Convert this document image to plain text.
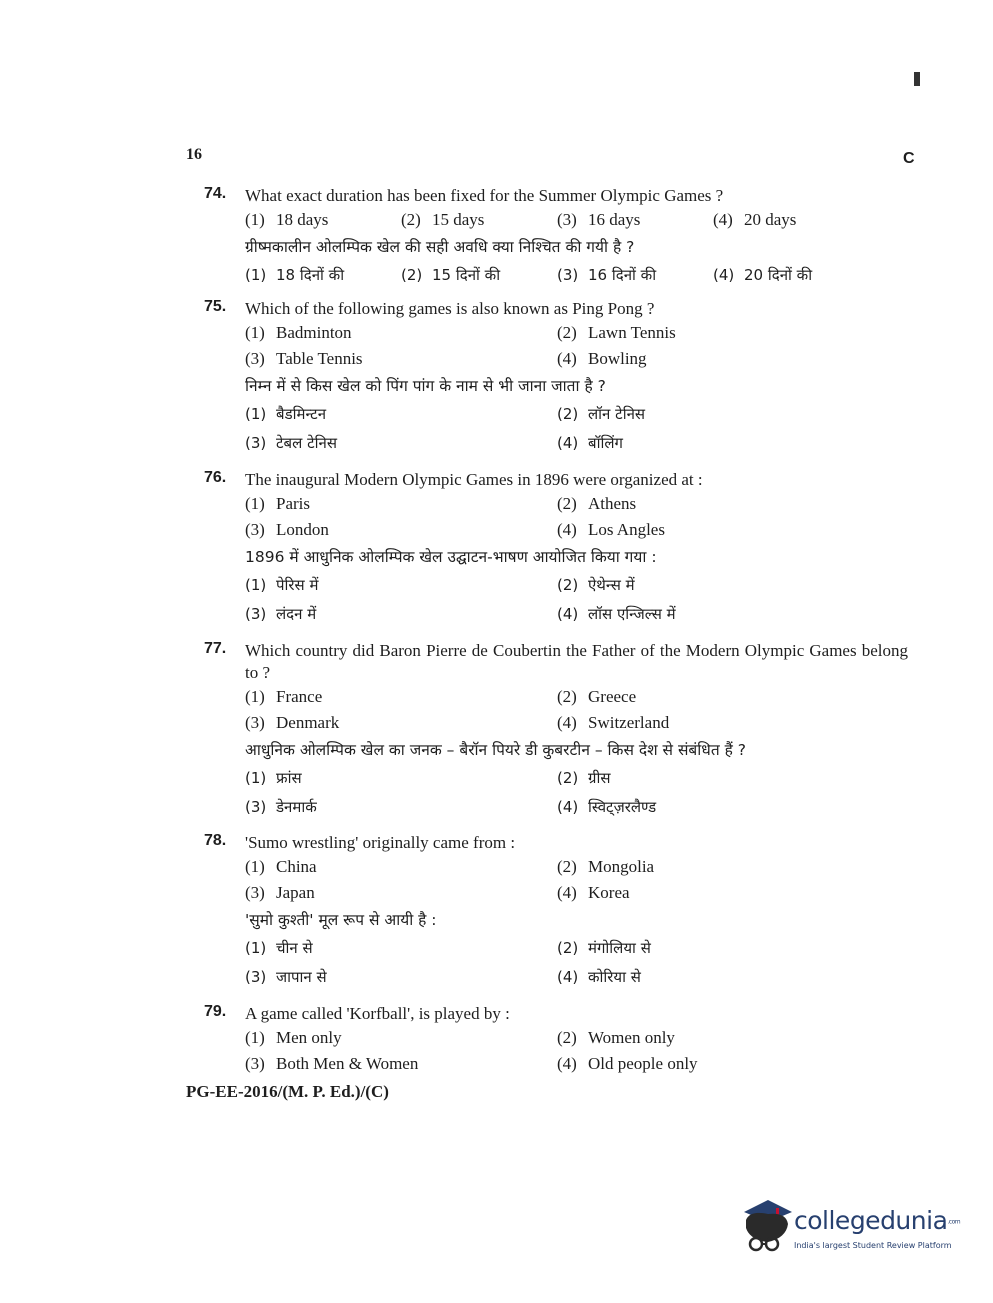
16	C
74. What exact duration has been fixed for the Summer Olympic Games ?
(1) 18 days	(2) 15 days	(3) 16 days	(4) 20 days
ग्रीष्मकालीन ओलम्पिक खेल की सही अवधि क्या निश्चित की गयी है ?
(1) 18 दिनों की	(2) 15 दिनों की	(3) 16 दिनों की	(4) 20 दिनों की
75. Which of the following games is also known as Ping Pong ?
(1) Badminton	(2) Lawn Tennis
(3) Table Tennis	(4) Bowling
निम्न में से किस खेल को पिंग पांग के नाम से भी जाना जाता है ?
(1) बैडमिन्टन	(2) लॉन टेनिस
(3) टेबल टेनिस	(4) बॉलिंग
76. The inaugural Modern Olympic Games in 1896 were organized at :
(1) Paris	(2) Athens
(3) London	(4) Los Angles
1896 में आधुनिक ओलम्पिक खेल उद्घाटन-भाषण आयोजित किया गया :
(1) पेरिस में	(2) ऐथेन्स में
(3) लंदन में	(4) लॉस एन्जिल्स में
77. Which country did Baron Pierre de Coubertin the Father of the Modern Olympic Games belong to ?
(1) France	(2) Greece
(3) Denmark	(4) Switzerland
आधुनिक ओलम्पिक खेल का जनक – बैरॉन पियरे डी कुबरटीन – किस देश से संबंधित हैं ?
(1) फ्रांस	(2) ग्रीस
(3) डेनमार्क	(4) स्विट्ज़रलैण्ड
78. 'Sumo wrestling' originally came from :
(1) China	(2) Mongolia
(3) Japan	(4) Korea
'सुमो कुश्ती' मूल रूप से आयी है :
(1) चीन से	(2) मंगोलिया से
(3) जापान से	(4) कोरिया से
79. A game called 'Korfball', is played by :
(1) Men only	(2) Women only
(3) Both Men & Women	(4) Old people only
PG-EE-2016/(M. P. Ed.)/(C)
collegedunia.com
India's largest Student Review Platform
